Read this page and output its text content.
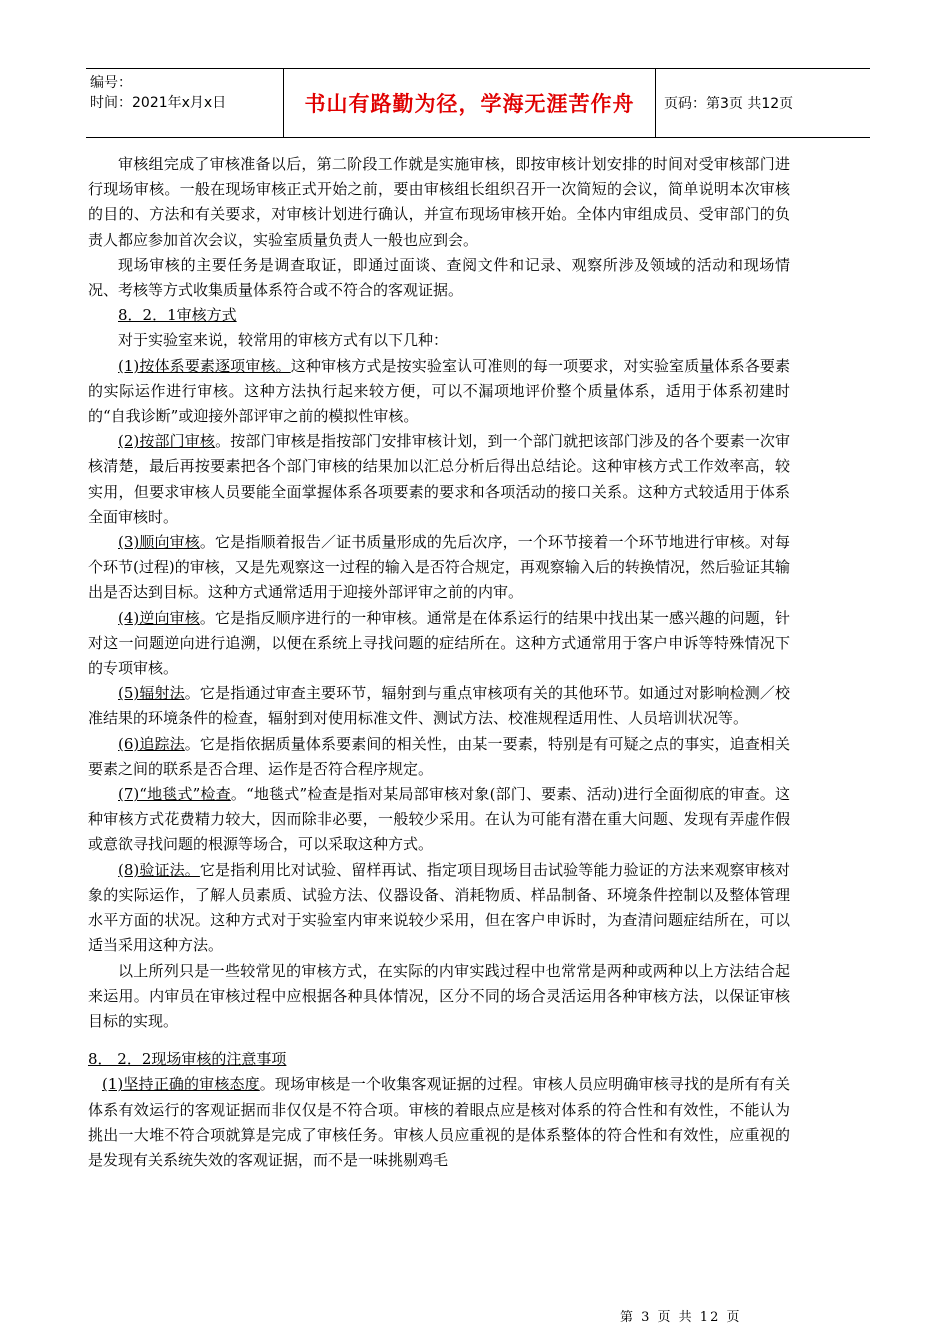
编号：
时间：2021年x月x日	书山有路勤为径，学海无涯苦作舟	页码：第3页 共12页

审核组完成了审核准备以后，第二阶段工作就是实施审核，即按审核计划安排的时间对受审核部门进行现场审核。一般在现场审核正式开始之前，要由审核组长组织召开一次简短的会议，简单说明本次审核的目的、方法和有关要求，对审核计划进行确认，并宣布现场审核开始。全体内审组成员、受审部门的负责人都应参加首次会议，实验室质量负责人一般也应到会。

现场审核的主要任务是调查取证，即通过面谈、查阅文件和记录、观察所涉及领域的活动和现场情况、考核等方式收集质量体系符合或不符合的客观证据。

8．2．1审核方式

对于实验室来说，较常用的审核方式有以下几种：

(1)按体系要素逐项审核。这种审核方式是按实验室认可准则的每一项要求，对实验室质量体系各要素的实际运作进行审核。这种方法执行起来较方便，可以不漏项地评价整个质量体系，适用于体系初建时的“自我诊断”或迎接外部评审之前的模拟性审核。

(2)按部门审核。按部门审核是指按部门安排审核计划，到一个部门就把该部门涉及的各个要素一次审核清楚，最后再按要素把各个部门审核的结果加以汇总分析后得出总结论。这种审核方式工作效率高，较实用，但要求审核人员要能全面掌握体系各项要素的要求和各项活动的接口关系。这种方式较适用于体系全面审核时。

(3)顺向审核。它是指顺着报告／证书质量形成的先后次序，一个环节接着一个环节地进行审核。对每个环节(过程)的审核，又是先观察这一过程的输入是否符合规定，再观察输入后的转换情况，然后验证其输出是否达到目标。这种方式通常适用于迎接外部评审之前的内审。

(4)逆向审核。它是指反顺序进行的一种审核。通常是在体系运行的结果中找出某一感兴趣的问题，针对这一问题逆向进行追溯，以便在系统上寻找问题的症结所在。这种方式通常用于客户申诉等特殊情况下的专项审核。

(5)辐射法。它是指通过审查主要环节，辐射到与重点审核项有关的其他环节。如通过对影响检测／校准结果的环境条件的检查，辐射到对使用标准文件、测试方法、校准规程适用性、人员培训状况等。

(6)追踪法。它是指依据质量体系要素间的相关性，由某一要素，特别是有可疑之点的事实，追查相关要素之间的联系是否合理、运作是否符合程序规定。

(7)“地毯式”检查。“地毯式”检查是指对某局部审核对象(部门、要素、活动)进行全面彻底的审查。这种审核方式花费精力较大，因而除非必要，一般较少采用。在认为可能有潜在重大问题、发现有弄虚作假或意欲寻找问题的根源等场合，可以采取这种方式。

(8)验证法。它是指利用比对试验、留样再试、指定项目现场目击试验等能力验证的方法来观察审核对象的实际运作，了解人员素质、试验方法、仪器设备、消耗物质、样品制备、环境条件控制以及整体管理水平方面的状况。这种方式对于实验室内审来说较少采用，但在客户申诉时，为查清问题症结所在，可以适当采用这种方法。

以上所列只是一些较常见的审核方式，在实际的内审实践过程中也常常是两种或两种以上方法结合起来运用。内审员在审核过程中应根据各种具体情况，区分不同的场合灵活运用各种审核方法，以保证审核目标的实现。

8． 2．2现场审核的注意事项

(1)坚持正确的审核态度。现场审核是一个收集客观证据的过程。审核人员应明确审核寻找的是所有有关体系有效运行的客观证据而非仅仅是不符合项。审核的着眼点应是核对体系的符合性和有效性，不能认为挑出一大堆不符合项就算是完成了审核任务。审核人员应重视的是体系整体的符合性和有效性，应重视的是发现有关系统失效的客观证据，而不是一味挑剔鸡毛

第 3 页 共 12 页
